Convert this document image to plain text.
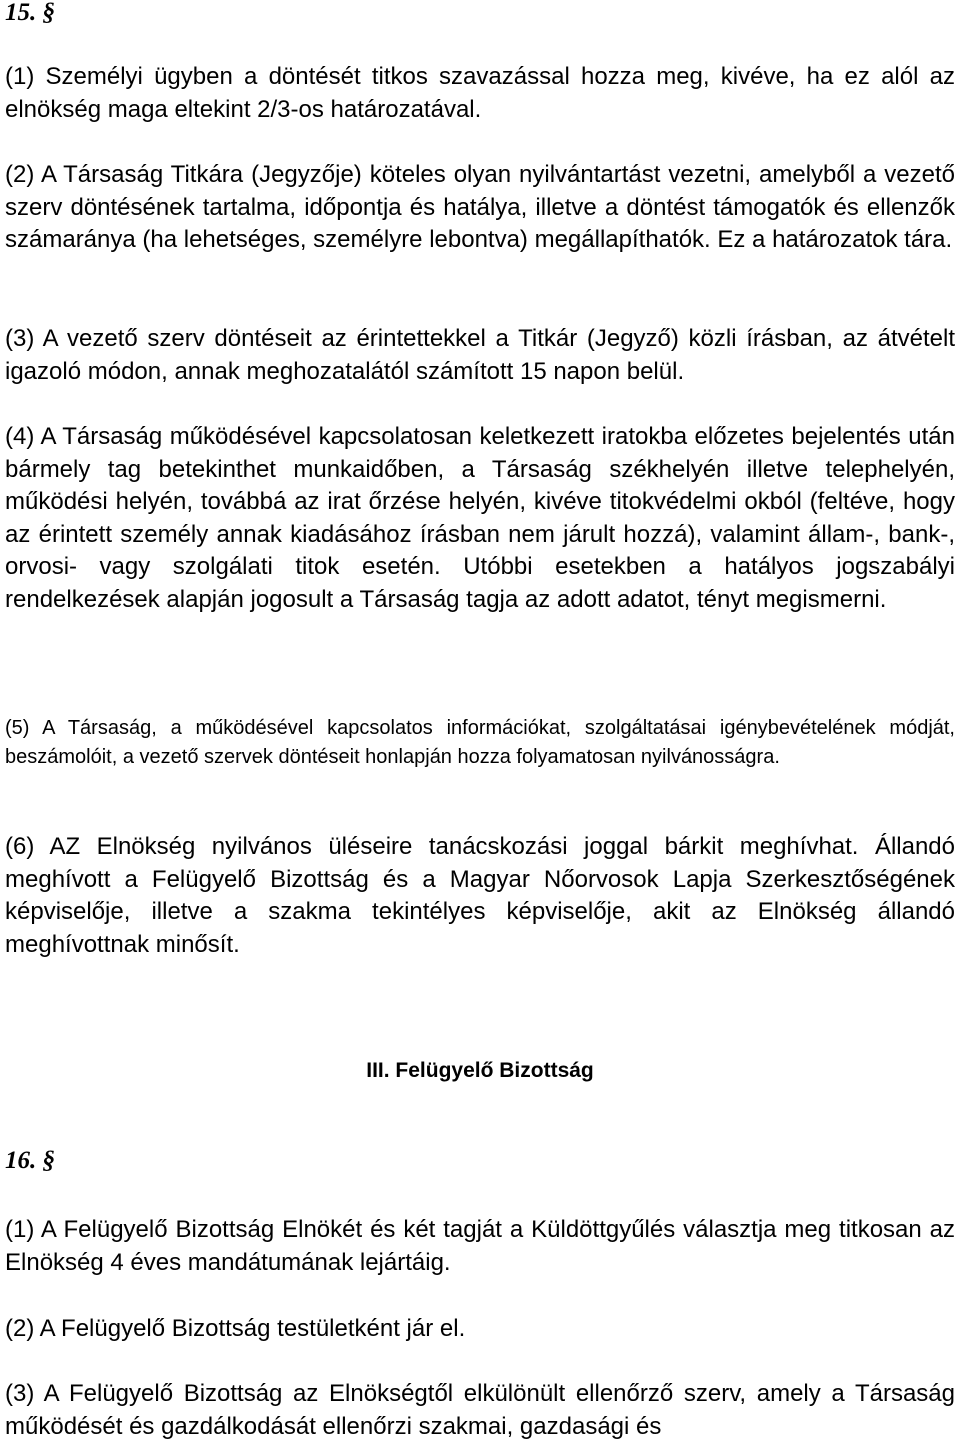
15. §

(1) Személyi ügyben a döntését titkos szavazással hozza meg, kivéve, ha ez alól az elnökség maga eltekint 2/3-os határozatával.

(2) A Társaság Titkára (Jegyzője) köteles olyan nyilvántartást vezetni, amelyből a vezető szerv döntésének tartalma, időpontja és hatálya, illetve a döntést támogatók és ellenzők számaránya (ha lehetséges, személyre lebontva) megállapíthatók. Ez a határozatok tára.

(3) A vezető szerv döntéseit az érintettekkel a Titkár (Jegyző) közli írásban, az átvételt igazoló módon, annak meghozatalától számított 15 napon belül.

(4) A Társaság működésével kapcsolatosan keletkezett iratokba előzetes bejelentés után bármely tag betekinthet munkaidőben, a Társaság székhelyén illetve telephelyén, működési helyén, továbbá az irat őrzése helyén, kivéve titokvédelmi okból (feltéve, hogy az érintett személy annak kiadásához írásban nem járult hozzá), valamint állam-, bank-, orvosi- vagy szolgálati titok esetén. Utóbbi esetekben a hatályos jogszabályi rendelkezések alapján jogosult a Társaság tagja az adott adatot, tényt megismerni.

(5) A Társaság, a működésével kapcsolatos információkat, szolgáltatásai igénybevételének módját, beszámolóit, a vezető szervek döntéseit honlapján hozza folyamatosan nyilvánosságra.

(6) AZ Elnökség nyilvános üléseire tanácskozási joggal bárkit meghívhat. Állandó meghívott a Felügyelő Bizottság és a Magyar Nőorvosok Lapja Szerkesztőségének képviselője, illetve a szakma tekintélyes képviselője, akit az Elnökség állandó meghívottnak minősít.

III. Felügyelő Bizottság
16. §

(1) A Felügyelő Bizottság Elnökét és két tagját a Küldöttgyűlés választja meg titkosan az Elnökség 4 éves mandátumának lejártáig.

(2) A Felügyelő Bizottság testületként jár el.

(3) A Felügyelő Bizottság az Elnökségtől elkülönült ellenőrző szerv, amely a Társaság működését és gazdálkodását ellenőrzi szakmai, gazdasági és
